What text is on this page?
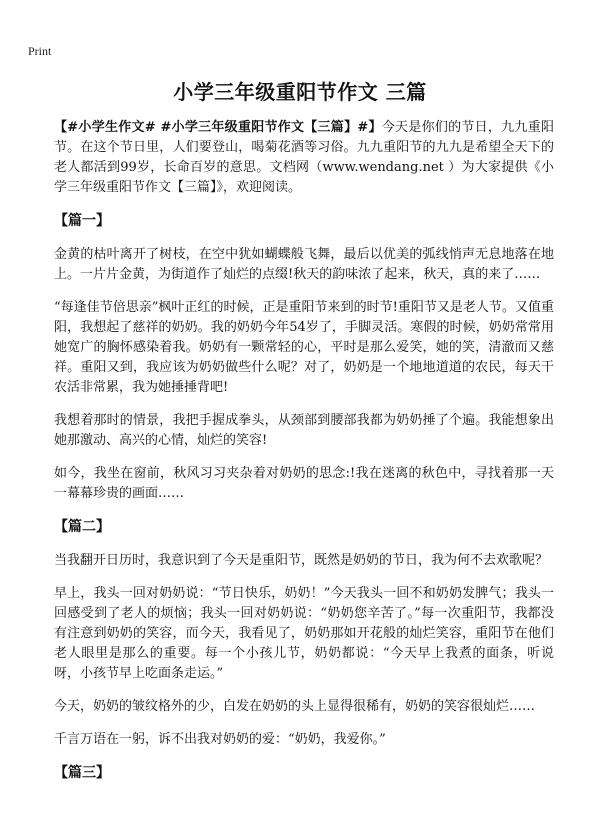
Print
小学三年级重阳节作文 三篇

【#小学生作文# #小学三年级重阳节作文【三篇】#】今天是你们的节日，九九重阳节。在这个节日里，人们要登山，喝菊花酒等习俗。九九重阳节的九九是希望全天下的老人都活到99岁，长命百岁的意思。文档网（www.wendang.net ）为大家提供《小学三年级重阳节作文【三篇】》，欢迎阅读。

【篇一】

金黄的枯叶离开了树枝，在空中犹如蝴蝶般飞舞，最后以优美的弧线悄声无息地落在地上。一片片金黄，为街道作了灿烂的点缀!秋天的韵味浓了起来，秋天，真的来了……

“每逢佳节倍思亲”枫叶正红的时候，正是重阳节来到的时节!重阳节又是老人节。又值重阳，我想起了慈祥的奶奶。我的奶奶今年54岁了，手脚灵活。寒假的时候，奶奶常常用她宽广的胸怀感染着我。奶奶有一颗常轻的心，平时是那么爱笑，她的笑，清澈而又慈祥。重阳又到，我应该为奶奶做些什么呢？对了，奶奶是一个地地道道的农民，每天干农活非常累，我为她捶捶背吧!

我想着那时的情景，我把手握成拳头，从颈部到腰部我都为奶奶捶了个遍。我能想象出她那激动、高兴的心情，灿烂的笑容!

如今，我坐在窗前，秋风习习夹杂着对奶奶的思念:!我在迷离的秋色中，寻找着那一天一幕幕珍贵的画面……

【篇二】

当我翻开日历时，我意识到了今天是重阳节，既然是奶奶的节日，我为何不去欢歌呢？

早上，我头一回对奶奶说：“节日快乐，奶奶！”今天我头一回不和奶奶发脾气；我头一回感受到了老人的烦恼；我头一回对奶奶说：“奶奶您辛苦了。”每一次重阳节，我都没有注意到奶奶的笑容，而今天，我看见了，奶奶那如开花般的灿烂笑容，重阳节在他们老人眼里是那么的重要。每一个小孩儿节，奶奶都说：“今天早上我煮的面条，听说呀，小孩节早上吃面条走运。”

今天，奶奶的皱纹格外的少，白发在奶奶的头上显得很稀有，奶奶的笑容很灿烂……

千言万语在一躬，诉不出我对奶奶的爱：“奶奶，我爱你。”

【篇三】
